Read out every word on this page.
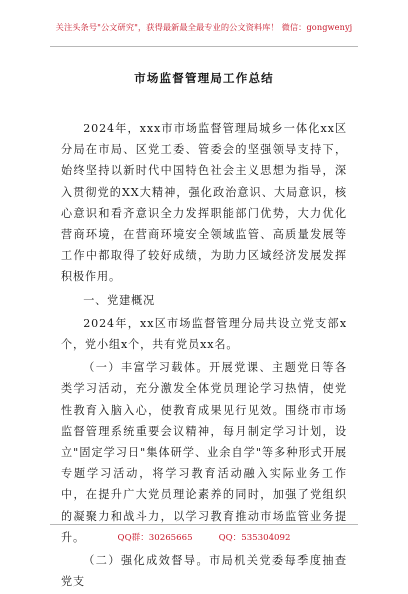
关注头条号"公文研究"，获得最新最全最专业的公文资料库！ 微信：gongwenyj
市场监督管理局工作总结

2024年，xxx市市场监督管理局城乡一体化xx区分局在市局、区党工委、管委会的坚强领导支持下，始终坚持以新时代中国特色社会主义思想为指导，深入贯彻党的XX大精神，强化政治意识、大局意识，核心意识和看齐意识全力发挥职能部门优势，大力优化营商环境，在营商环境安全领域监管、高质量发展等工作中都取得了较好成绩，为助力区域经济发展发挥积极作用。

一、党建概况

2024年，xx区市场监督管理分局共设立党支部x个，党小组x个，共有党员xx名。

（一）丰富学习载体。开展党课、主题党日等各类学习活动，充分激发全体党员理论学习热情，使党性教育入脑入心，使教育成果见行见效。围绕市市场监督管理系统重要会议精神，每月制定学习计划，设立"固定学习日"集体研学、业余自学"等多种形式开展专题学习活动，将学习教育活动融入实际业务工作中，在提升广大党员理论素养的同时，加强了党组织的凝聚力和战斗力，以学习教育推动市场监管业务提升。

（二）强化成效督导。市局机关党委每季度抽查党支

QQ群：30265665	QQ：535304092
